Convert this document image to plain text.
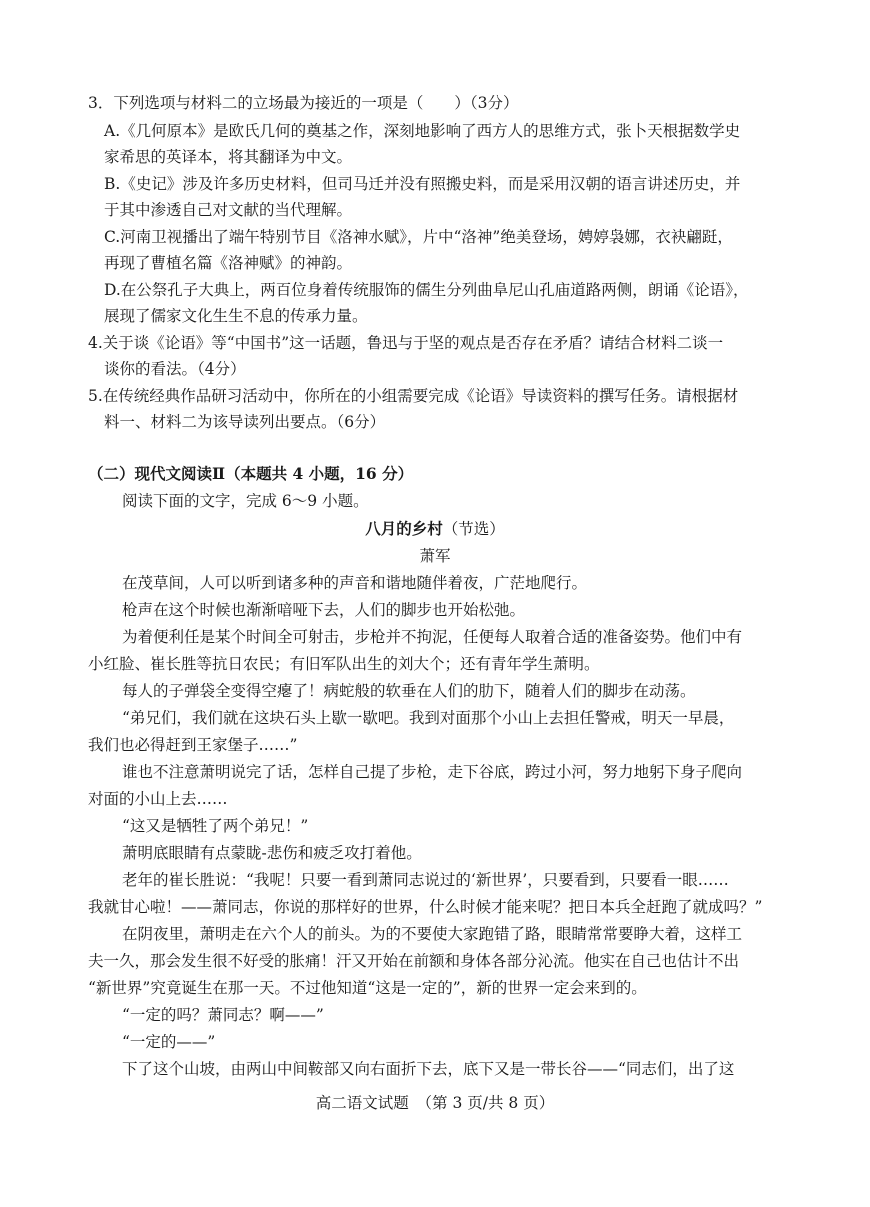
3．下列选项与材料二的立场最为接近的一项是（　　）（3分）
A.《几何原本》是欧氏几何的奠基之作，深刻地影响了西方人的思维方式，张卜天根据数学史
家希思的英译本，将其翻译为中文。
B.《史记》涉及许多历史材料，但司马迁并没有照搬史料，而是采用汉朝的语言讲述历史，并
于其中渗透自己对文献的当代理解。
C.河南卫视播出了端午特别节目《洛神水赋》，片中“洛神”绝美登场，娉婷袅娜，衣袂翩跹，
再现了曹植名篇《洛神赋》的神韵。
D.在公祭孔子大典上，两百位身着传统服饰的儒生分列曲阜尼山孔庙道路两侧，朗诵《论语》，
展现了儒家文化生生不息的传承力量。
4.关于谈《论语》等“中国书”这一话题，鲁迅与于坚的观点是否存在矛盾？请结合材料二谈一
谈你的看法。（4分）
5.在传统经典作品研习活动中，你所在的小组需要完成《论语》导读资料的撰写任务。请根据材
料一、材料二为该导读列出要点。（6分）
（二）现代文阅读Ⅱ（本题共 4 小题，16 分）
阅读下面的文字，完成 6～9 小题。
八月的乡村（节选）
萧军
在茂草间，人可以听到诸多种的声音和谐地随伴着夜，广茫地爬行。
枪声在这个时候也渐渐喑哑下去，人们的脚步也开始松弛。
为着便利任是某个时间全可射击，步枪并不拘泥，任便每人取着合适的准备姿势。他们中有
小红脸、崔长胜等抗日农民；有旧军队出生的刘大个；还有青年学生萧明。
每人的子弹袋全变得空瘪了！病蛇般的软垂在人们的肋下，随着人们的脚步在动荡。
“弟兄们，我们就在这块石头上歇一歇吧。我到对面那个小山上去担任警戒，明天一早晨，
我们也必得赶到王家堡子……”
谁也不注意萧明说完了话，怎样自己提了步枪，走下谷底，跨过小河，努力地躬下身子爬向
对面的小山上去……
“这又是牺牲了两个弟兄！”
萧明底眼睛有点蒙眬-悲伤和疲乏攻打着他。
老年的崔长胜说：“我呢！只要一看到萧同志说过的‘新世界’，只要看到，只要看一眼……
我就甘心啦！——萧同志，你说的那样好的世界，什么时候才能来呢？把日本兵全赶跑了就成吗？”
在阴夜里，萧明走在六个人的前头。为的不要使大家跑错了路，眼睛常常要睁大着，这样工
夫一久，那会发生很不好受的胀痛！汗又开始在前额和身体各部分沁流。他实在自己也估计不出
“新世界”究竟诞生在那一天。不过他知道“这是一定的”，新的世界一定会来到的。
“一定的吗？萧同志？啊——”
“一定的——”
下了这个山坡，由两山中间鞍部又向右面折下去，底下又是一带长谷——“同志们，出了这
高二语文试题　（第 3 页/共 8 页）
